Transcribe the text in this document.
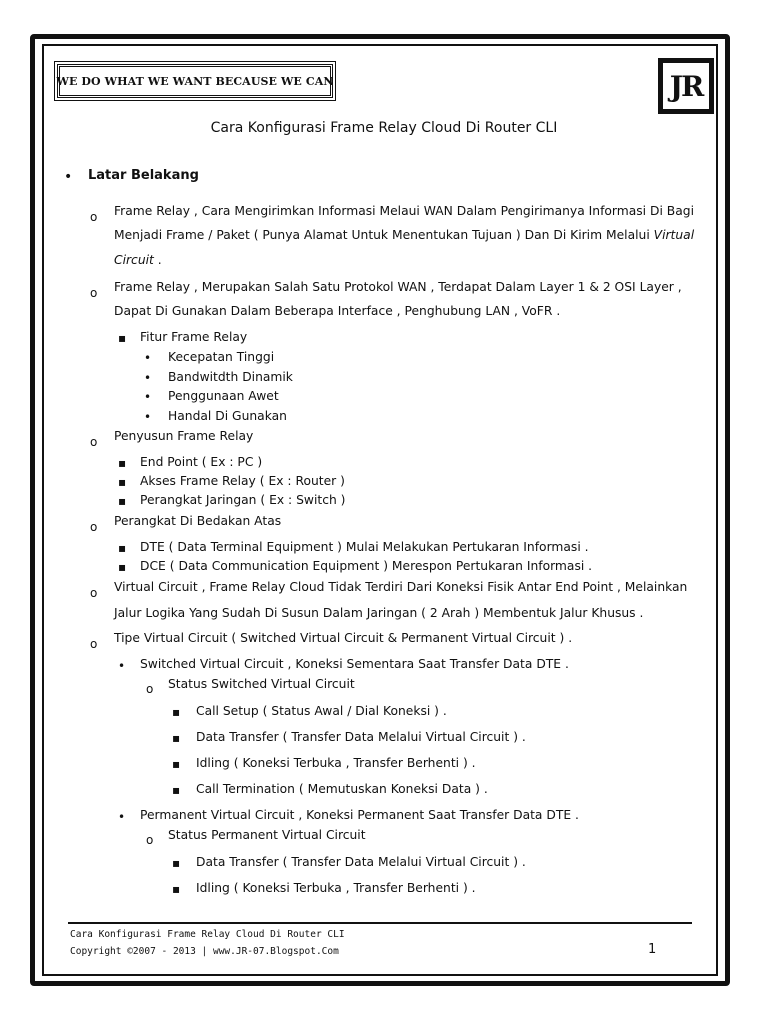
WE DO WHAT WE WANT BECAUSE WE CAN	JR
Cara Konfigurasi Frame Relay Cloud Di Router CLI
• Latar Belakang
o Frame Relay , Cara Mengirimkan Informasi Melaui WAN Dalam Pengirimanya Informasi Di Bagi
Menjadi Frame / Paket ( Punya Alamat Untuk Menentukan Tujuan ) Dan Di Kirim Melalui Virtual
Circuit .
o Frame Relay , Merupakan Salah Satu Protokol WAN , Terdapat Dalam Layer 1 & 2 OSI Layer ,
Dapat Di Gunakan Dalam Beberapa Interface , Penghubung LAN , VoFR .
▪ Fitur Frame Relay
• Kecepatan Tinggi
• Bandwitdth Dinamik
• Penggunaan Awet
• Handal Di Gunakan
o Penyusun Frame Relay
▪ End Point ( Ex : PC )
▪ Akses Frame Relay ( Ex : Router )
▪ Perangkat Jaringan ( Ex : Switch )
o Perangkat Di Bedakan Atas
▪ DTE ( Data Terminal Equipment ) Mulai Melakukan Pertukaran Informasi .
▪ DCE ( Data Communication Equipment ) Merespon Pertukaran Informasi .
o Virtual Circuit , Frame Relay Cloud Tidak Terdiri Dari Koneksi Fisik Antar End Point , Melainkan
Jalur Logika Yang Sudah Di Susun Dalam Jaringan ( 2 Arah ) Membentuk Jalur Khusus .
o Tipe Virtual Circuit ( Switched Virtual Circuit & Permanent Virtual Circuit ) .
• Switched Virtual Circuit , Koneksi Sementara Saat Transfer Data DTE .
o Status Switched Virtual Circuit
▪ Call Setup ( Status Awal / Dial Koneksi ) .
▪ Data Transfer ( Transfer Data Melalui Virtual Circuit ) .
▪ Idling ( Koneksi Terbuka , Transfer Berhenti ) .
▪ Call Termination ( Memutuskan Koneksi Data ) .
• Permanent Virtual Circuit , Koneksi Permanent Saat Transfer Data DTE .
o Status Permanent Virtual Circuit
▪ Data Transfer ( Transfer Data Melalui Virtual Circuit ) .
▪ Idling ( Koneksi Terbuka , Transfer Berhenti ) .
Cara Konfigurasi Frame Relay Cloud Di Router CLI
Copyright ©2007 - 2013 | www.JR-07.Blogspot.Com	1
